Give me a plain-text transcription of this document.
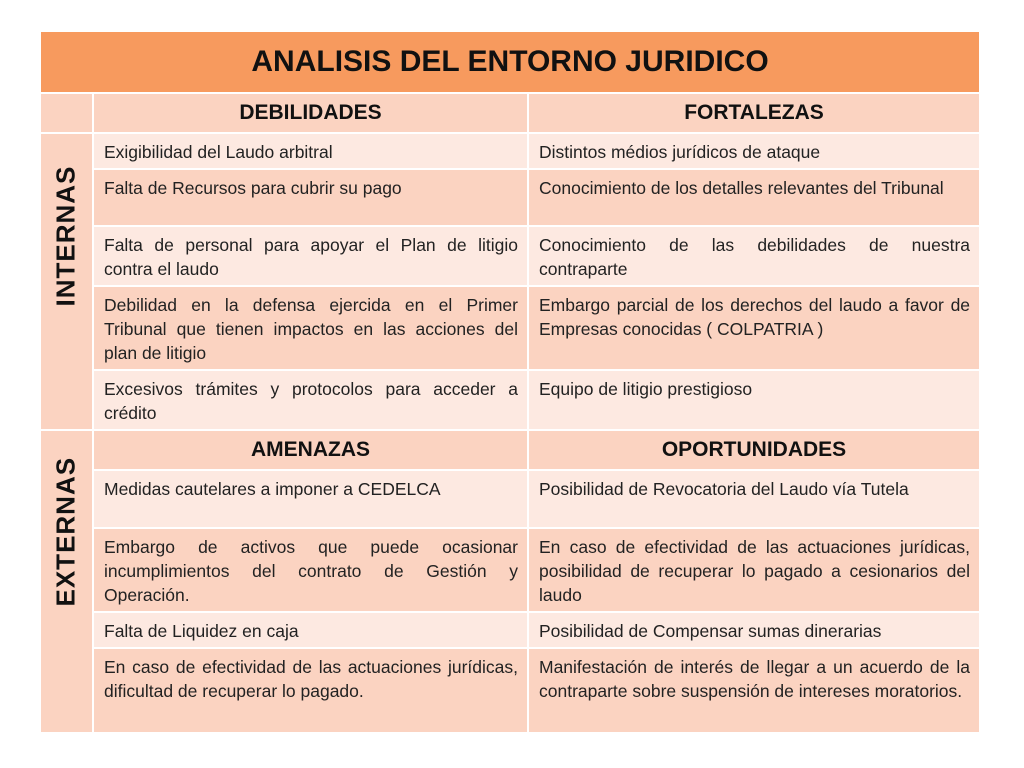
ANALISIS DEL ENTORNO JURIDICO		
	DEBILIDADES	FORTALEZAS

INTERNAS	Exigibilidad del Laudo arbitral	Distintos médios jurídicos de ataque
	Falta de Recursos para cubrir su pago	Conocimiento de los detalles relevantes del Tribunal
	Falta de personal para apoyar el Plan de litigio contra el laudo	Conocimiento de las debilidades de nuestra contraparte
	Debilidad en la defensa ejercida en el Primer Tribunal que tienen impactos en las acciones del plan de litigio	Embargo parcial de los derechos del laudo a favor de Empresas conocidas ( COLPATRIA )
	Excesivos trámites y protocolos para acceder a crédito	Equipo de litigio prestigioso

EXTERNAS	AMENAZAS	OPORTUNIDADES
	Medidas cautelares a imponer a CEDELCA	Posibilidad de Revocatoria del Laudo vía Tutela
	Embargo de activos que puede ocasionar incumplimientos del contrato de Gestión y Operación.	En caso de efectividad de las actuaciones jurídicas, posibilidad de recuperar lo pagado a cesionarios del laudo
	Falta de Liquidez en caja	Posibilidad de Compensar sumas dinerarias
	En caso de efectividad de las actuaciones jurídicas, dificultad de recuperar lo pagado.	Manifestación de interés de llegar a un acuerdo de la contraparte sobre suspensión de intereses moratorios.
